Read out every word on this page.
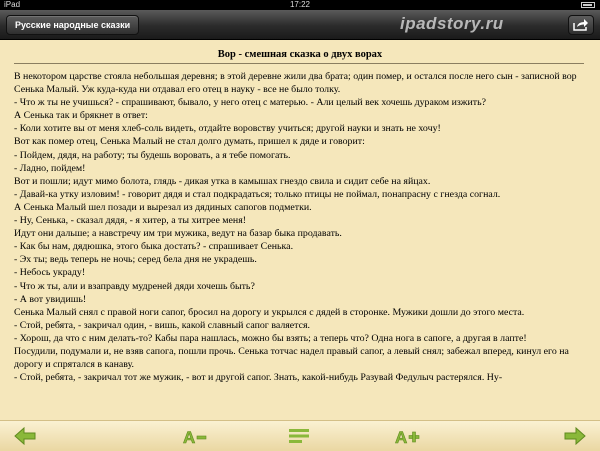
iPad	17:22
Русские народные сказки	ipadstory.ru
Вор - смешная сказка о двух ворах

В некотором царстве стояла небольшая деревня; в этой деревне жили два брата; один помер, и остался после него сын - записной вор Сенька Малый. Уж куда-куда ни отдавал его отец в науку - все не было толку.

- Что ж ты не учишься? - спрашивают, бывало, у него отец с матерью. - Али целый век хочешь дураком изжить?

А Сенька так и брякнет в ответ:

- Коли хотите вы от меня хлеб-соль видеть, отдайте воровству учиться; другой науки и знать не хочу!

Вот как помер отец, Сенька Малый не стал долго думать, пришел к дяде и говорит:

- Пойдем, дядя, на работу; ты будешь воровать, а я тебе помогать.

- Ладно, пойдем!

Вот и пошли; идут мимо болота, глядь - дикая утка в камышах гнездо свила и сидит себе на яйцах.

- Давай-ка утку изловим! - говорит дядя и стал подкрадаться; только птицы не поймал, понапрасну с гнезда согнал.

А Сенька Малый шел позади и вырезал из дядиных сапогов подметки.

- Ну, Сенька, - сказал дядя, - я хитер, а ты хитрее меня!

Идут они дальше; а навстречу им три мужика, ведут на базар быка продавать.

- Как бы нам, дядюшка, этого быка достать? - спрашивает Сенька.

- Эх ты; ведь теперь не ночь; серед бела дня не украдешь.

- Небось украду!

- Что ж ты, али и взаправду мудреней дяди хочешь быть?

- А вот увидишь!

Сенька Малый снял с правой ноги сапог, бросил на дорогу и укрылся с дядей в сторонке. Мужики дошли до этого места.

- Стой, ребята, - закричал один, - вишь, какой славный сапог валяется.

- Хорош, да что с ним делать-то? Кабы пара нашлась, можно бы взять; а теперь что? Одна нога в сапоге, а другая в лапте!

Посудили, подумали и, не взяв сапога, пошли прочь. Сенька тотчас надел правый сапог, а левый снял; забежал вперед, кинул его на дорогу и спрятался в канаву.

- Стой, ребята, - закричал тот же мужик, - вот и другой сапог. Знать, какой-нибудь Разувай Федулыч растерялся. Ну-

A	A
